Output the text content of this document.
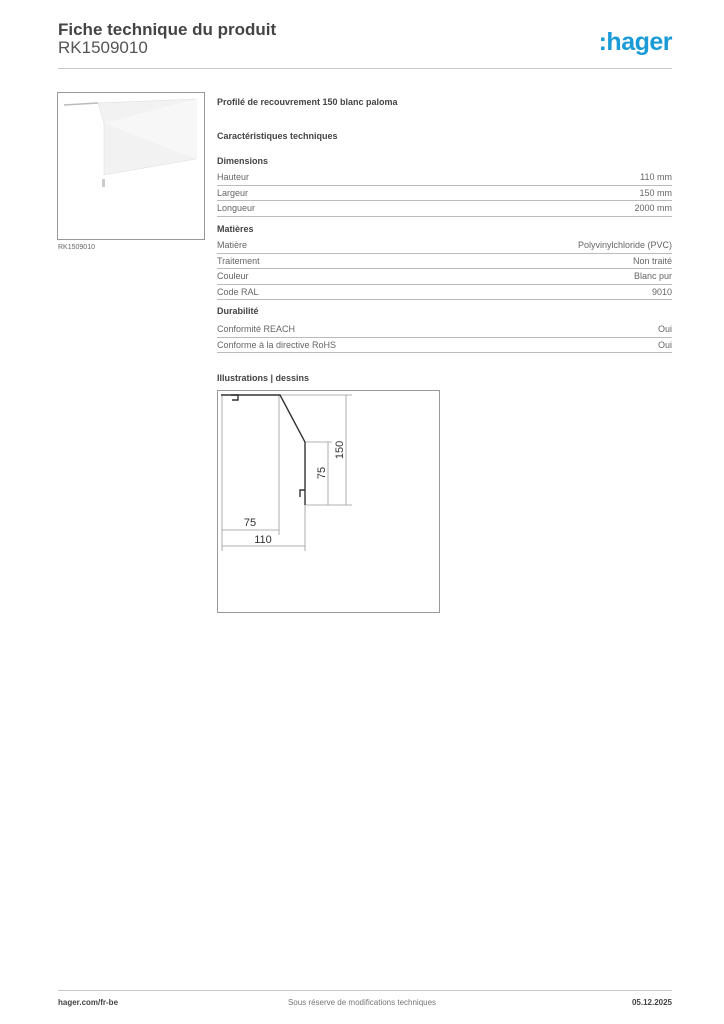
Fiche technique du produit
RK1509010	:hager
RK1509010
Profilé de recouvrement 150 blanc paloma
Caractéristiques techniques
Dimensions
Hauteur	110 mm
Largeur	150 mm
Longueur	2000 mm
Matières
Matière	Polyvinylchloride (PVC)
Traitement	Non traité
Couleur	Blanc pur
Code RAL	9010
Durabilité
Conformité REACH	Oui
Conforme à la directive RoHS	Oui
Illustrations | dessins
75
110
75
150
hager.com/fr-be	Sous réserve de modifications techniques	05.12.2025
